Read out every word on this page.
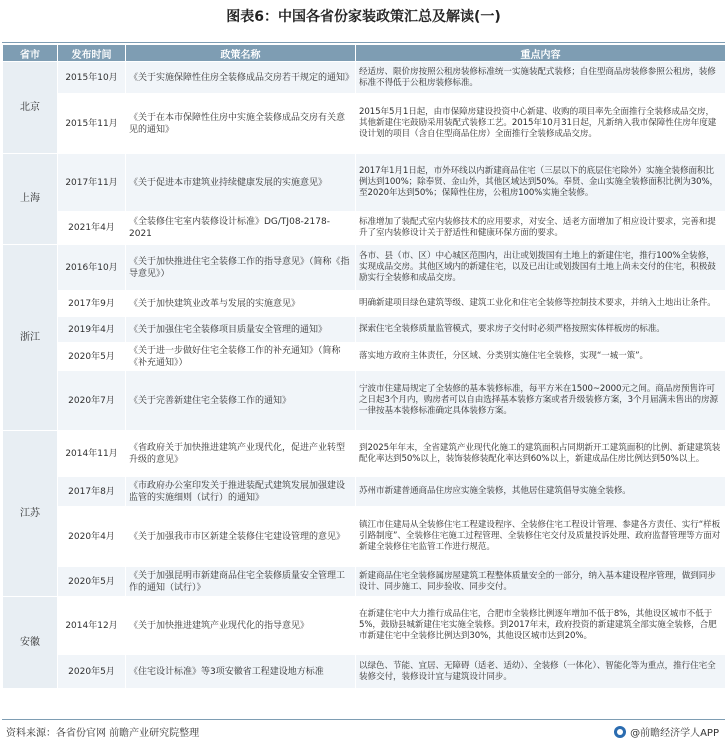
图表6：中国各省份家装政策汇总及解读(一)
省市	发布时间	政策名称	重点内容
北京	2015年10月	《关于实施保障性住房全装修成品交房若干规定的通知》	经适房、限价房按照公租房装修标准统一实施装配式装修；自住型商品房装修参照公租房，装修标准不得低于公租房装修标准。
	2015年11月	《关于在本市保障性住房中实施全装修成品交房有关意见的通知》	2015年5月1日起，由市保障房建设投资中心新建、收购的项目率先全面推行全装修成品交房，其他新建住宅鼓励采用装配式装修工艺。2015年10月31日起，凡新纳入我市保障性住房年度建设计划的项目（含自住型商品住房）全面推行全装修成品交房。
上海	2017年11月	《关于促进本市建筑业持续健康发展的实施意见》	2017年1月1日起，市外环线以内新建商品住宅（三层以下的底层住宅除外）实施全装修面积比例达到100%；除奉贤、金山外，其他区域达到50%。奉贤、金山实施全装修面积比例为30%，至2020年达到50%；保障性住房，公租房100%实施全装修。
	2021年4月	《全装修住宅室内装修设计标准》DG/TJ08-2178-2021	标准增加了装配式室内装修技术的应用要求，对安全、适老方面增加了相应设计要求，完善和提升了室内装修设计关于舒适性和健康环保方面的要求。
浙江	2016年10月	《关于加快推进住宅全装修工作的指导意见》（简称《指导意见》）	各市、县（市、区）中心城区范围内，出让或划拨国有土地上的新建住宅，推行100%全装修，实现成品交房。其他区域内的新建住宅，以及已出让或划拨国有土地上尚未交付的住宅，积极鼓励实行全装修和成品交房。
	2017年9月	《关于加快建筑业改革与发展的实施意见》	明确新建项目绿色建筑等级、建筑工业化和住宅全装修等控制技术要求，并纳入土地出让条件。
	2019年4月	《关于加强住宅全装修项目质量安全管理的通知》	探索住宅全装修质量监管模式，要求房子交付时必须严格按照实体样板房的标准。
	2020年5月	《关于进一步做好住宅全装修工作的补充通知》（简称《补充通知》）	落实地方政府主体责任，分区域、分类别实施住宅全装修，实现“一城一策”。
	2020年7月	《关于完善新建住宅全装修工作的通知》	宁波市住建局规定了全装修的基本装修标准，每平方米在1500~2000元之间。商品房预售许可之日起3个月内，购房者可以自由选择基本装修方案或者升级装修方案，3个月届满未售出的房源一律按基本装修标准确定具体装修方案。
江苏	2014年11月	《省政府关于加快推进建筑产业现代化，促进产业转型升级的意见》	到2025年年末，全省建筑产业现代化施工的建筑面积占同期新开工建筑面积的比例、新建建筑装配化率达到50%以上，装饰装修装配化率达到60%以上，新建成品住房比例达到50%以上。
	2017年8月	《市政府办公室印发关于推进装配式建筑发展加强建设监管的实施细则（试行）的通知》	苏州市新建普通商品住房应实施全装修，其他居住建筑倡导实施全装修。
	2020年4月	《关于加强我市市区新建全装修住宅建设管理的意见》	镇江市住建局从全装修住宅工程建设程序、全装修住宅工程设计管理、参建各方责任、实行“样板引路制度”、全装修住宅施工过程管理、全装修住宅交付及质量投诉处理、政府监督管理等方面对新建全装修住宅监管工作进行规范。
	2020年5月	《关于加强昆明市新建商品住宅全装修质量安全管理工作的通知（试行）》	新建商品住宅全装修属房屋建筑工程整体质量安全的一部分，纳入基本建设程序管理，做到同步设计、同步施工、同步验收、同步交付。
安徽	2014年12月	《关于加快推进建筑产业现代化的指导意见》	在新建住宅中大力推行成品住宅，合肥市全装修比例逐年增加不低于8%，其他设区城市不低于5%，鼓励县城新建住宅实施全装修。到2017年末，政府投资的新建建筑全部实施全装修，合肥市新建住宅中全装修比例达到30%，其他设区城市达到20%。
	2020年5月	《住宅设计标准》等3项安徽省工程建设地方标准	以绿色、节能、宜居、无障碍（适老、适幼）、全装修（一体化）、智能化等为重点，推行住宅全装修交付，装修设计宜与建筑设计同步。
资料来源：各省份官网 前瞻产业研究院整理	@前瞻经济学人APP
